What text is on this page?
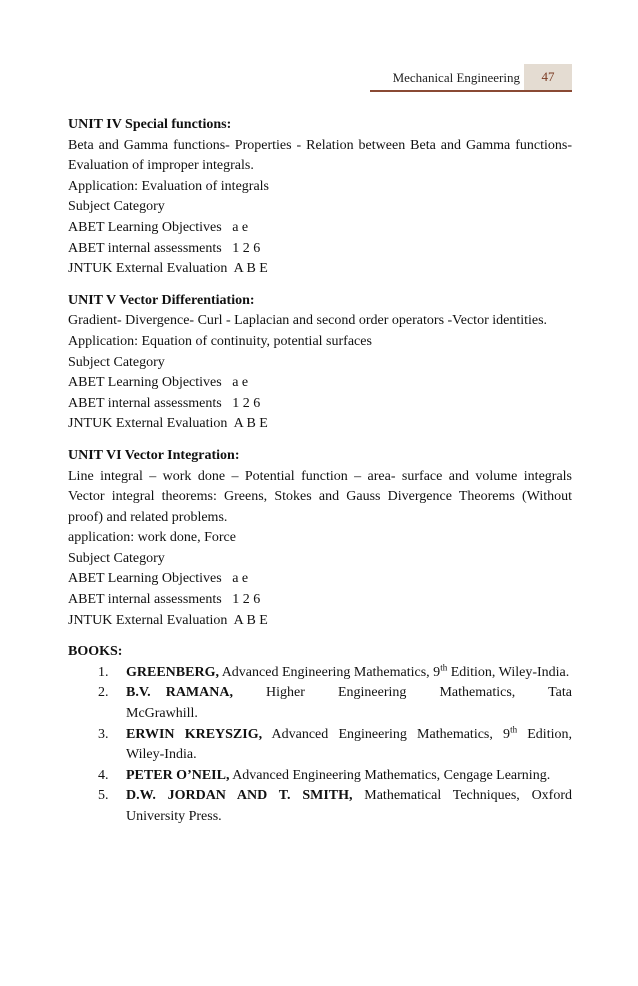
Mechanical Engineering	47
UNIT IV Special functions:
Beta and Gamma functions- Properties - Relation between Beta and Gamma functions- Evaluation of improper integrals.
Application: Evaluation of integrals
Subject Category
ABET Learning Objectives   a e
ABET internal assessments   1 2 6
JNTUK External Evaluation  A B E
UNIT V Vector Differentiation:
Gradient- Divergence- Curl - Laplacian and second order operators -Vector identities.
Application: Equation of continuity, potential surfaces
Subject Category
ABET Learning Objectives   a e
ABET internal assessments   1 2 6
JNTUK External Evaluation  A B E
UNIT VI Vector Integration:
Line integral – work done – Potential function – area- surface and volume integrals Vector integral theorems: Greens, Stokes and Gauss Divergence Theorems (Without proof) and related problems.
application: work done, Force
Subject Category
ABET Learning Objectives   a e
ABET internal assessments   1 2 6
JNTUK External Evaluation  A B E
BOOKS:
1. GREENBERG, Advanced Engineering Mathematics, 9th Edition, Wiley-India.
2. B.V. RAMANA, Higher Engineering Mathematics, Tata McGrawhill.
3. ERWIN KREYSZIG, Advanced Engineering Mathematics, 9th Edition, Wiley-India.
4. PETER O’NEIL, Advanced Engineering Mathematics, Cengage Learning.
5. D.W. JORDAN AND T. SMITH, Mathematical Techniques, Oxford University Press.
